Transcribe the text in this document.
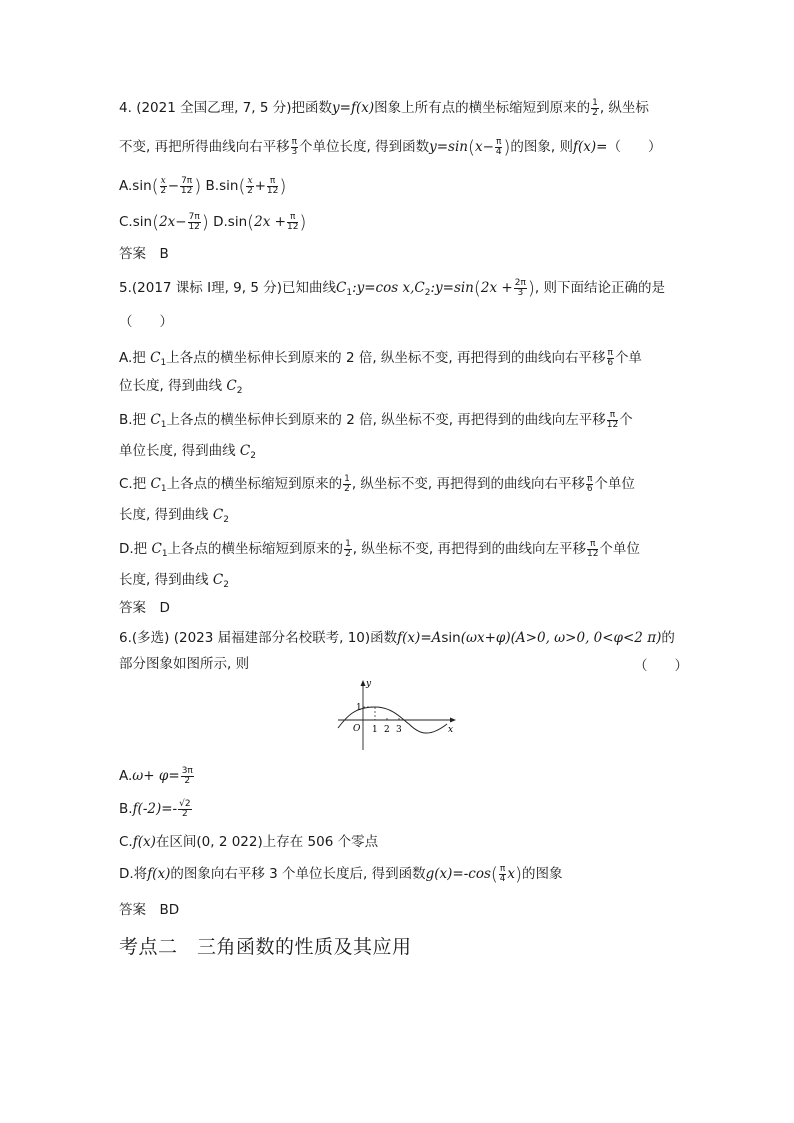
4. (2021 全国乙理, 7, 5 分)把函数y=f(x)图象上所有点的横坐标缩短到原来的 $\frac{1}{2}$ , 纵坐标
不变, 再把所得曲线向右平移 $\frac{\pi}{3}$ 个单位长度, 得到函数$y=\sin(x- \frac{\pi}{4}$ )的图象, 则f(x)=（　　）
$A.\sin( \frac{x}{2} - \frac{7\pi}{12}$ ) $B.\sin( \frac{x}{2} + \frac{\pi}{12}$ )
$C.\sin(2x- \frac{7\pi}{12}$ ) $D.\sin(2x + \frac{\pi}{12}$ )
答案　B
5.(2017 课标 Ⅰ理, 9, 5 分)已知曲线$C_1:y=\cos$ $x,C_2:y=\sin(2x + \frac{2\pi}{3}$ ), 则下面结论正确的是
（　　）
A.把 $C_1$上各点的横坐标伸长到原来的 2 倍, 纵坐标不变, 再把得到的曲线向右平移 $\frac{\pi}{6}$ 个单
位长度, 得到曲线 $C_2$
B.把 $C_1$上各点的横坐标伸长到原来的 2 倍, 纵坐标不变, 再把得到的曲线向左平移 $\frac{\pi}{12}$ 个
单位长度, 得到曲线 $C_2$
C.把 $C_1$上各点的横坐标缩短到原来的 $\frac{1}{2}$ , 纵坐标不变, 再把得到的曲线向右平移 $\frac{\pi}{6}$ 个单位
长度, 得到曲线 $C_2$
D.把 $C_1$上各点的横坐标缩短到原来的 $\frac{1}{2}$ , 纵坐标不变, 再把得到的曲线向左平移 $\frac{\pi}{12}$ 个单位
长度, 得到曲线 $C_2$
答案　D
6.(多选) (2023 届福建部分名校联考, 10)函数f(x)=Asin(ωx+φ)(A>0, ω>0, 0<φ<2 π)的
部分图象如图所示, 则	（　　）
y
x
O
1
1 2 3
$A.\omega+ \varphi= \frac{3\pi}{2}$
$B.f(-2)=- \frac{√2}{2}$
C.f(x)在区间(0, 2 022)上存在 506 个零点
D.将f(x)的图象向右平移 3 个单位长度后, 得到函数$g(x)=-\cos( \frac{\pi}{4} x)$的图象
答案　BD
考点二　三角函数的性质及其应用
